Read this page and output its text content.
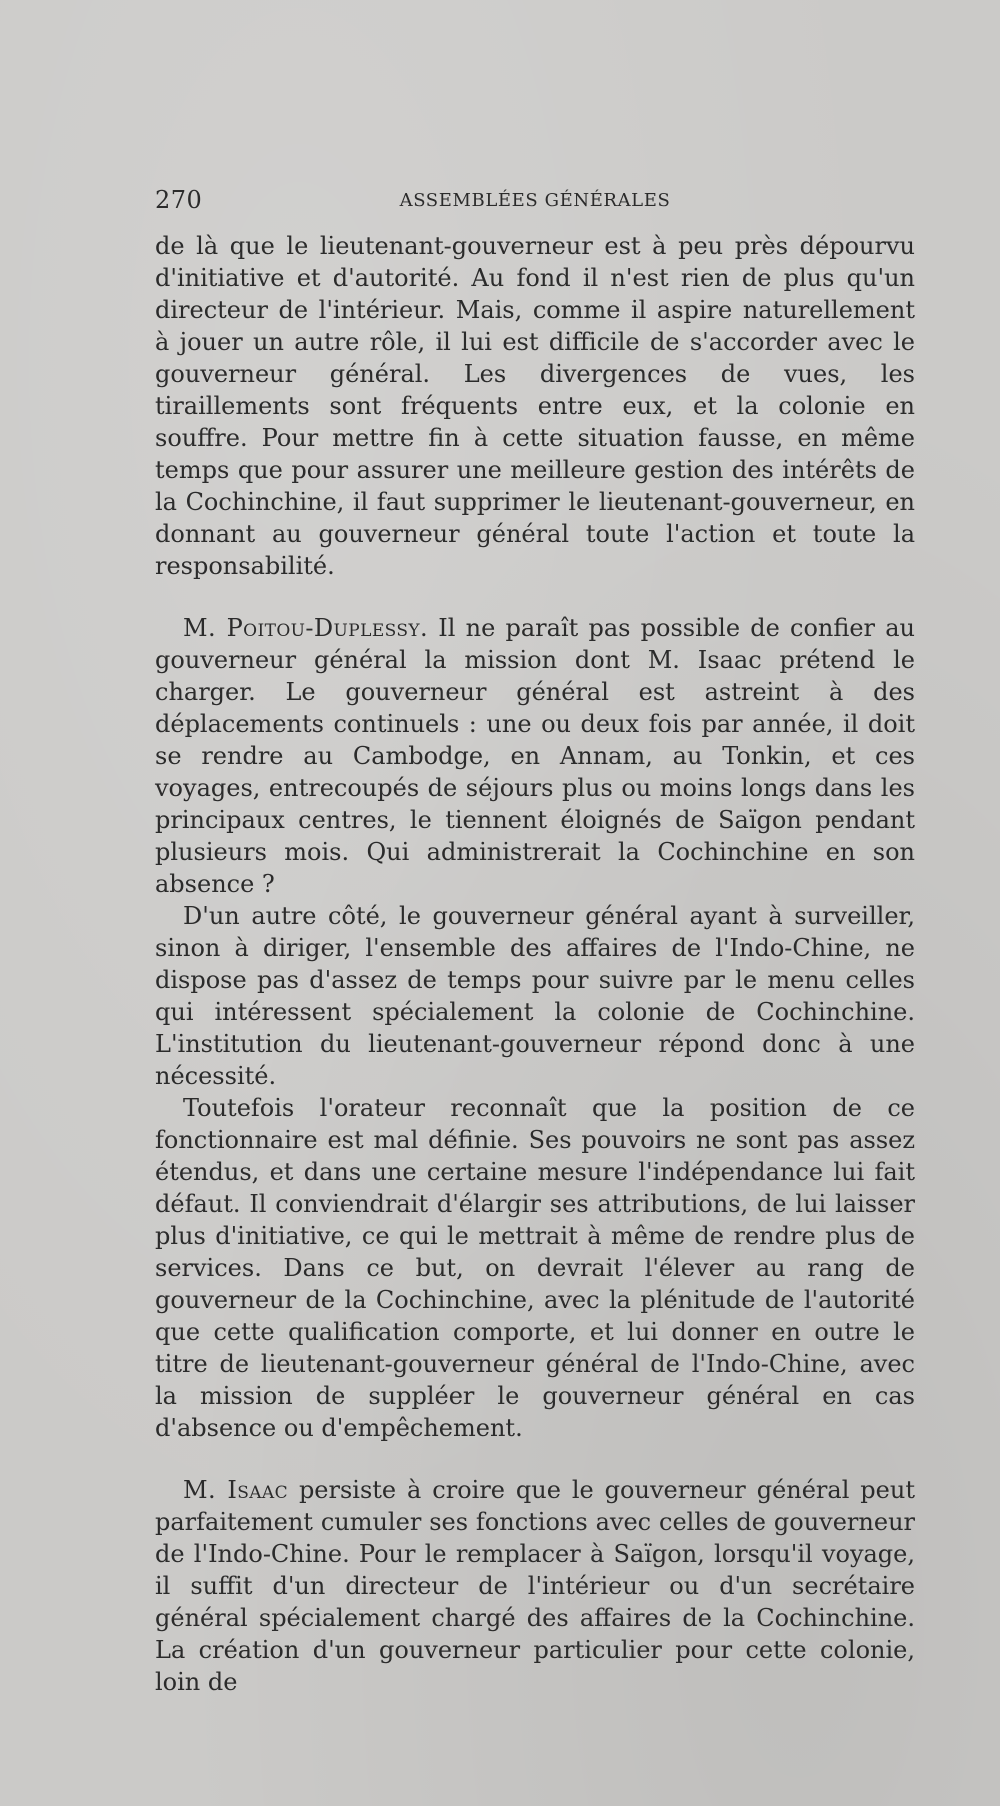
270	ASSEMBLÉES GÉNÉRALES

de là que le lieutenant-gouverneur est à peu près dépourvu d'initiative et d'autorité. Au fond il n'est rien de plus qu'un directeur de l'intérieur. Mais, comme il aspire naturellement à jouer un autre rôle, il lui est difficile de s'accorder avec le gouverneur général. Les divergences de vues, les tiraillements sont fréquents entre eux, et la colonie en souffre. Pour mettre fin à cette situation fausse, en même temps que pour assurer une meilleure gestion des intérêts de la Cochinchine, il faut supprimer le lieutenant-gouverneur, en donnant au gouverneur général toute l'action et toute la responsabilité.

M. Poitou-Duplessy. Il ne paraît pas possible de confier au gouverneur général la mission dont M. Isaac prétend le charger. Le gouverneur général est astreint à des déplacements continuels : une ou deux fois par année, il doit se rendre au Cambodge, en Annam, au Tonkin, et ces voyages, entrecoupés de séjours plus ou moins longs dans les principaux centres, le tiennent éloignés de Saïgon pendant plusieurs mois. Qui administrerait la Cochinchine en son absence ?

D'un autre côté, le gouverneur général ayant à surveiller, sinon à diriger, l'ensemble des affaires de l'Indo-Chine, ne dispose pas d'assez de temps pour suivre par le menu celles qui intéressent spécialement la colonie de Cochinchine. L'institution du lieutenant-gouverneur répond donc à une nécessité.

Toutefois l'orateur reconnaît que la position de ce fonctionnaire est mal définie. Ses pouvoirs ne sont pas assez étendus, et dans une certaine mesure l'indépendance lui fait défaut. Il conviendrait d'élargir ses attributions, de lui laisser plus d'initiative, ce qui le mettrait à même de rendre plus de services. Dans ce but, on devrait l'élever au rang de gouverneur de la Cochinchine, avec la plénitude de l'autorité que cette qualification comporte, et lui donner en outre le titre de lieutenant-gouverneur général de l'Indo-Chine, avec la mission de suppléer le gouverneur général en cas d'absence ou d'empêchement.

M. Isaac persiste à croire que le gouverneur général peut parfaitement cumuler ses fonctions avec celles de gouverneur de l'Indo-Chine. Pour le remplacer à Saïgon, lorsqu'il voyage, il suffit d'un directeur de l'intérieur ou d'un secrétaire général spécialement chargé des affaires de la Cochinchine. La création d'un gouverneur particulier pour cette colonie, loin de
